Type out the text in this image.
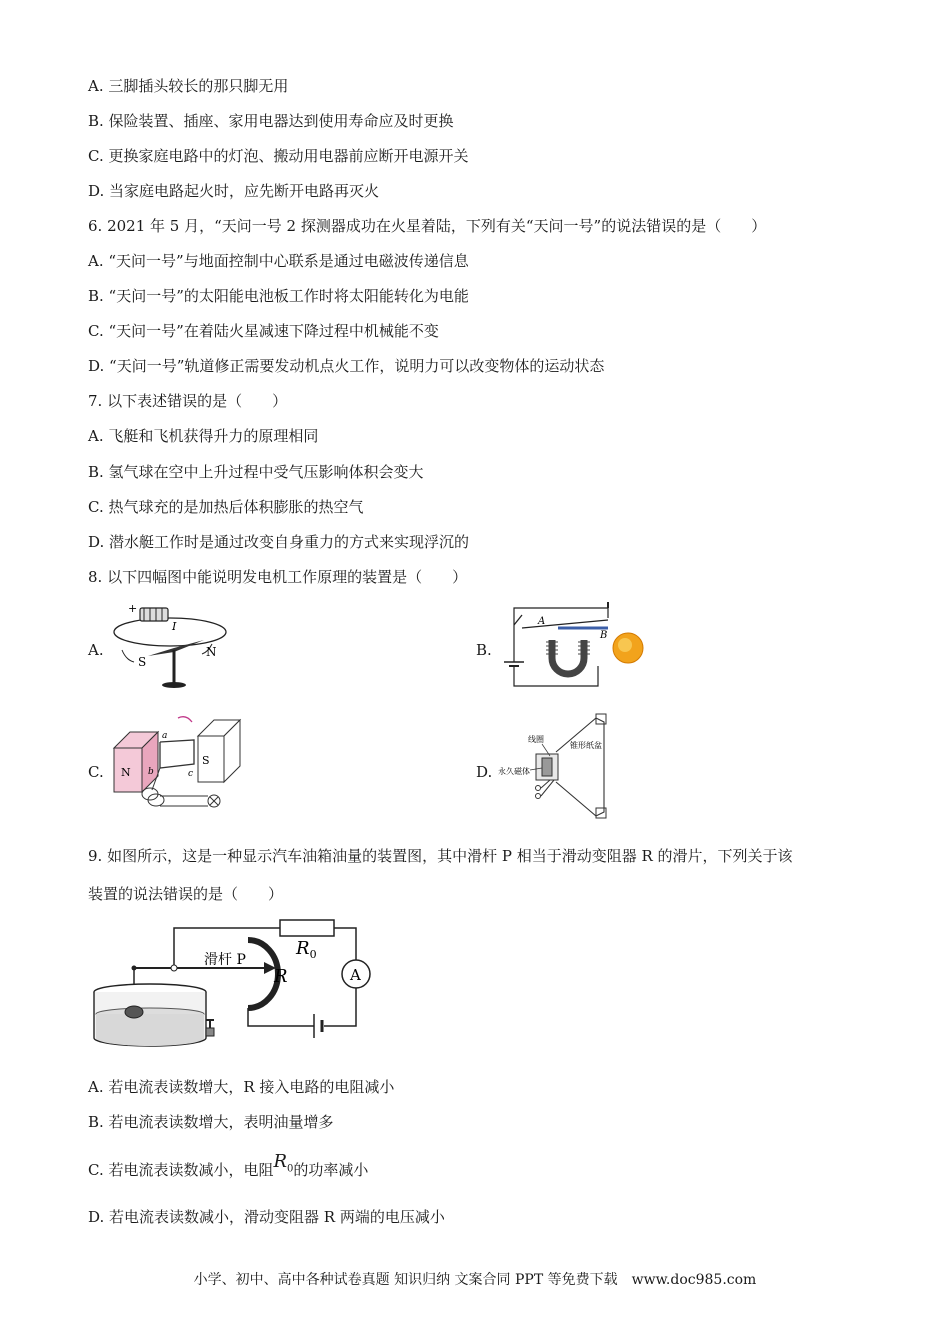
A. 三脚插头较长的那只脚无用
B. 保险装置、插座、家用电器达到使用寿命应及时更换
C. 更换家庭电路中的灯泡、搬动用电器前应断开电源开关
D. 当家庭电路起火时，应先断开电路再灭火
6. 2021 年 5 月，“天问一号 2 探测器成功在火星着陆，下列有关“天问一号”的说法错误的是（　　）
A. “天问一号”与地面控制中心联系是通过电磁波传递信息
B. “天问一号”的太阳能电池板工作时将太阳能转化为电能
C. “天问一号”在着陆火星减速下降过程中机械能不变
D. “天问一号”轨道修正需要发动机点火工作，说明力可以改变物体的运动状态
7. 以下表述错误的是（　　）
A. 飞艇和飞机获得升力的原理相同
B. 氢气球在空中上升过程中受气压影响体积会变大
C. 热气球充的是加热后体积膨胀的热空气
D. 潜水艇工作时是通过改变自身重力的方式来实现浮沉的
8. 以下四幅图中能说明发电机工作原理的装置是（　　）
A.
+
I
S
N	B.
A
B
C. N
S
a
b	c	D.
线圈
锥形纸盆
永久磁体
9. 如图所示，这是一种显示汽车油箱油量的装置图，其中滑杆 P 相当于滑动变阻器 R 的滑片，下列关于该
装置的说法错误的是（　　）
A
滑杆 P
R
$R_0$
A. 若电流表读数增大，R 接入电路的电阻减小
B. 若电流表读数增大，表明油量增多
C. 若电流表读数减小，电阻$R_0$的功率减小
D. 若电流表读数减小，滑动变阻器 R 两端的电压减小
小学、初中、高中各种试卷真题 知识归纳 文案合同 PPT 等免费下载　www.doc985.com
